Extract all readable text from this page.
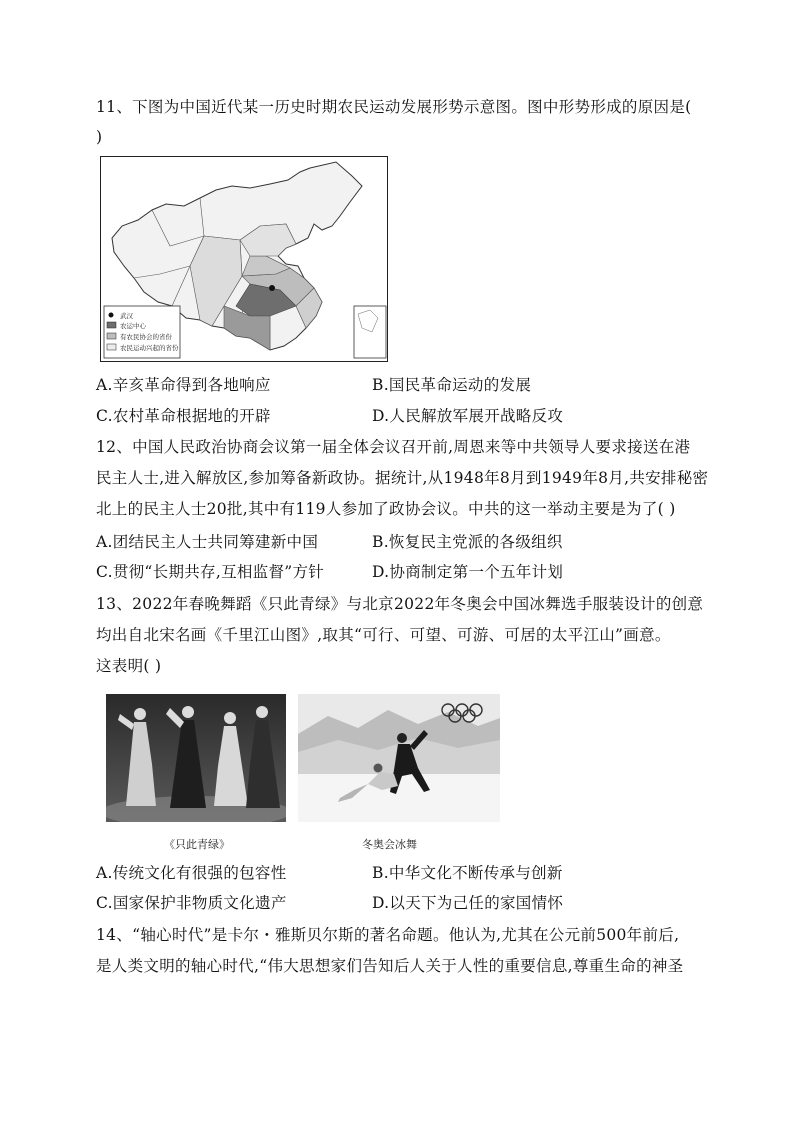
11、下图为中国近代某一历史时期农民运动发展形势示意图。图中形势形成的原因是(
)
武汉
农运中心
有农民协会的省份
农民运动兴起的省份
A.辛亥革命得到各地响应	B.国民革命运动的发展
C.农村革命根据地的开辟	D.人民解放军展开战略反攻
12、中国人民政治协商会议第一届全体会议召开前,周恩来等中共领导人要求接送在港
民主人士,进入解放区,参加筹备新政协。据统计,从1948年8月到1949年8月,共安排秘密
北上的民主人士20批,其中有119人参加了政协会议。中共的这一举动主要是为了( )
A.团结民主人士共同筹建新中国	B.恢复民主党派的各级组织
C.贯彻“长期共存,互相监督”方针	D.协商制定第一个五年计划
13、2022年春晚舞蹈《只此青绿》与北京2022年冬奥会中国冰舞选手服装设计的创意
均出自北宋名画《千里江山图》,取其“可行、可望、可游、可居的太平江山”画意。
这表明( )
《只此青绿》	冬奥会冰舞
A.传统文化有很强的包容性	B.中华文化不断传承与创新
C.国家保护非物质文化遗产	D.以天下为己任的家国情怀
14、“轴心时代”是卡尔・雅斯贝尔斯的著名命题。他认为,尤其在公元前500年前后,
是人类文明的轴心时代,“伟大思想家们告知后人关于人性的重要信息,尊重生命的神圣
